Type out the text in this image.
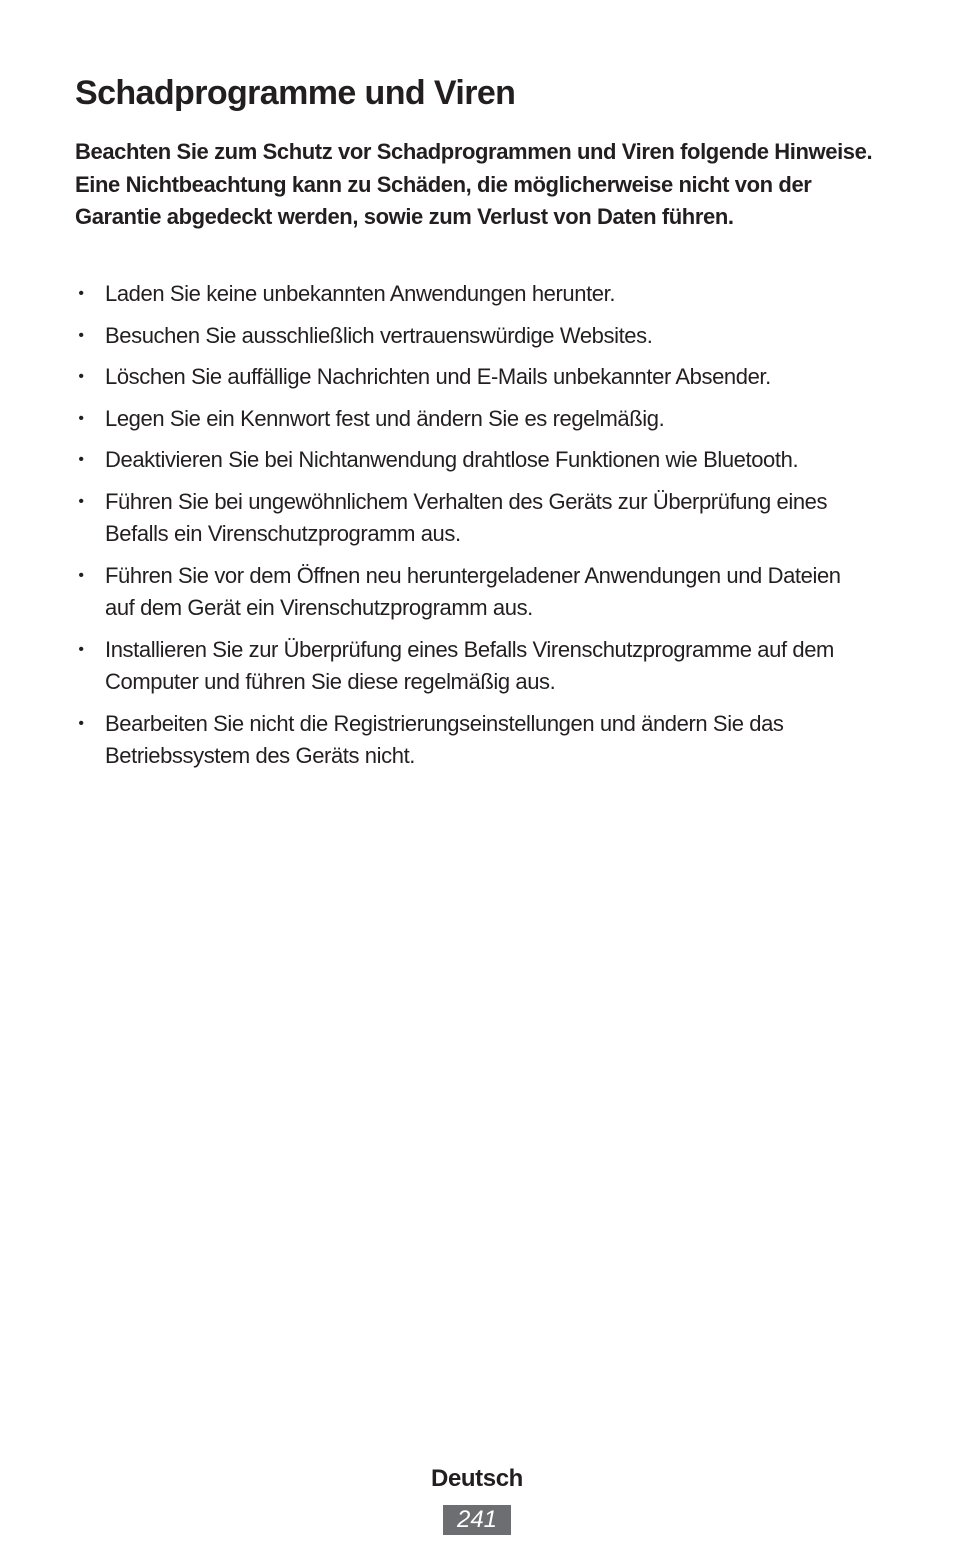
Schadprogramme und Viren

Beachten Sie zum Schutz vor Schadprogrammen und Viren folgende Hinweise. Eine Nichtbeachtung kann zu Schäden, die möglicherweise nicht von der Garantie abgedeckt werden, sowie zum Verlust von Daten führen.

• Laden Sie keine unbekannten Anwendungen herunter.
• Besuchen Sie ausschließlich vertrauenswürdige Websites.
• Löschen Sie auffällige Nachrichten und E-Mails unbekannter Absender.
• Legen Sie ein Kennwort fest und ändern Sie es regelmäßig.
• Deaktivieren Sie bei Nichtanwendung drahtlose Funktionen wie Bluetooth.
• Führen Sie bei ungewöhnlichem Verhalten des Geräts zur Überprüfung eines Befalls ein Virenschutzprogramm aus.
• Führen Sie vor dem Öffnen neu heruntergeladener Anwendungen und Dateien auf dem Gerät ein Virenschutzprogramm aus.
• Installieren Sie zur Überprüfung eines Befalls Virenschutzprogramme auf dem Computer und führen Sie diese regelmäßig aus.
• Bearbeiten Sie nicht die Registrierungseinstellungen und ändern Sie das Betriebssystem des Geräts nicht.
Deutsch
241
